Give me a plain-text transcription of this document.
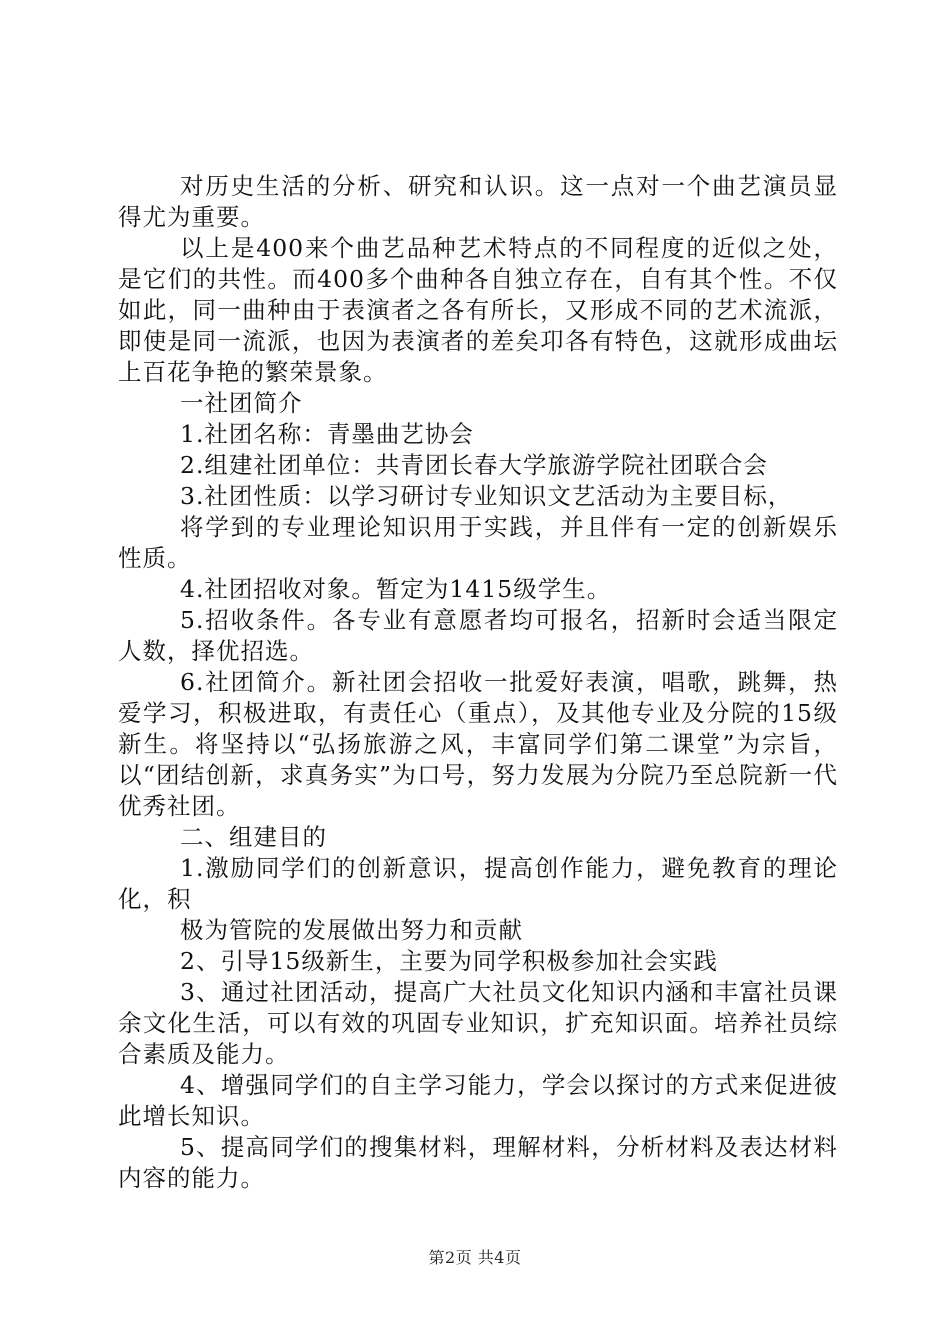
对历史生活的分析、研究和认识。这一点对一个曲艺演员显得尤为重要。

以上是400来个曲艺品种艺术特点的不同程度的近似之处，是它们的共性。而400多个曲种各自独立存在，自有其个性。不仅如此，同一曲种由于表演者之各有所长，又形成不同的艺术流派，即使是同一流派，也因为表演者的差矣卭各有特色，这就形成曲坛上百花争艳的繁荣景象。

一社团简介

1.社团名称：青墨曲艺协会

2.组建社团单位：共青团长春大学旅游学院社团联合会

3.社团性质：以学习研讨专业知识文艺活动为主要目标，

将学到的专业理论知识用于实践，并且伴有一定的创新娱乐性质。

4.社团招收对象。暂定为1415级学生。

5.招收条件。各专业有意愿者均可报名，招新时会适当限定人数，择优招选。

6.社团简介。新社团会招收一批爱好表演，唱歌，跳舞，热爱学习，积极进取，有责任心（重点），及其他专业及分院的15级新生。将坚持以“弘扬旅游之风，丰富同学们第二课堂”为宗旨，以“团结创新，求真务实”为口号，努力发展为分院乃至总院新一代优秀社团。

二、组建目的

1.激励同学们的创新意识，提高创作能力，避免教育的理论化，积

极为管院的发展做出努力和贡献

2、引导15级新生，主要为同学积极参加社会实践

3、通过社团活动，提高广大社员文化知识内涵和丰富社员课余文化生活，可以有效的巩固专业知识，扩充知识面。培养社员综合素质及能力。

4、增强同学们的自主学习能力，学会以探讨的方式来促进彼此增长知识。

5、提高同学们的搜集材料，理解材料，分析材料及表达材料内容的能力。

第2页 共4页
